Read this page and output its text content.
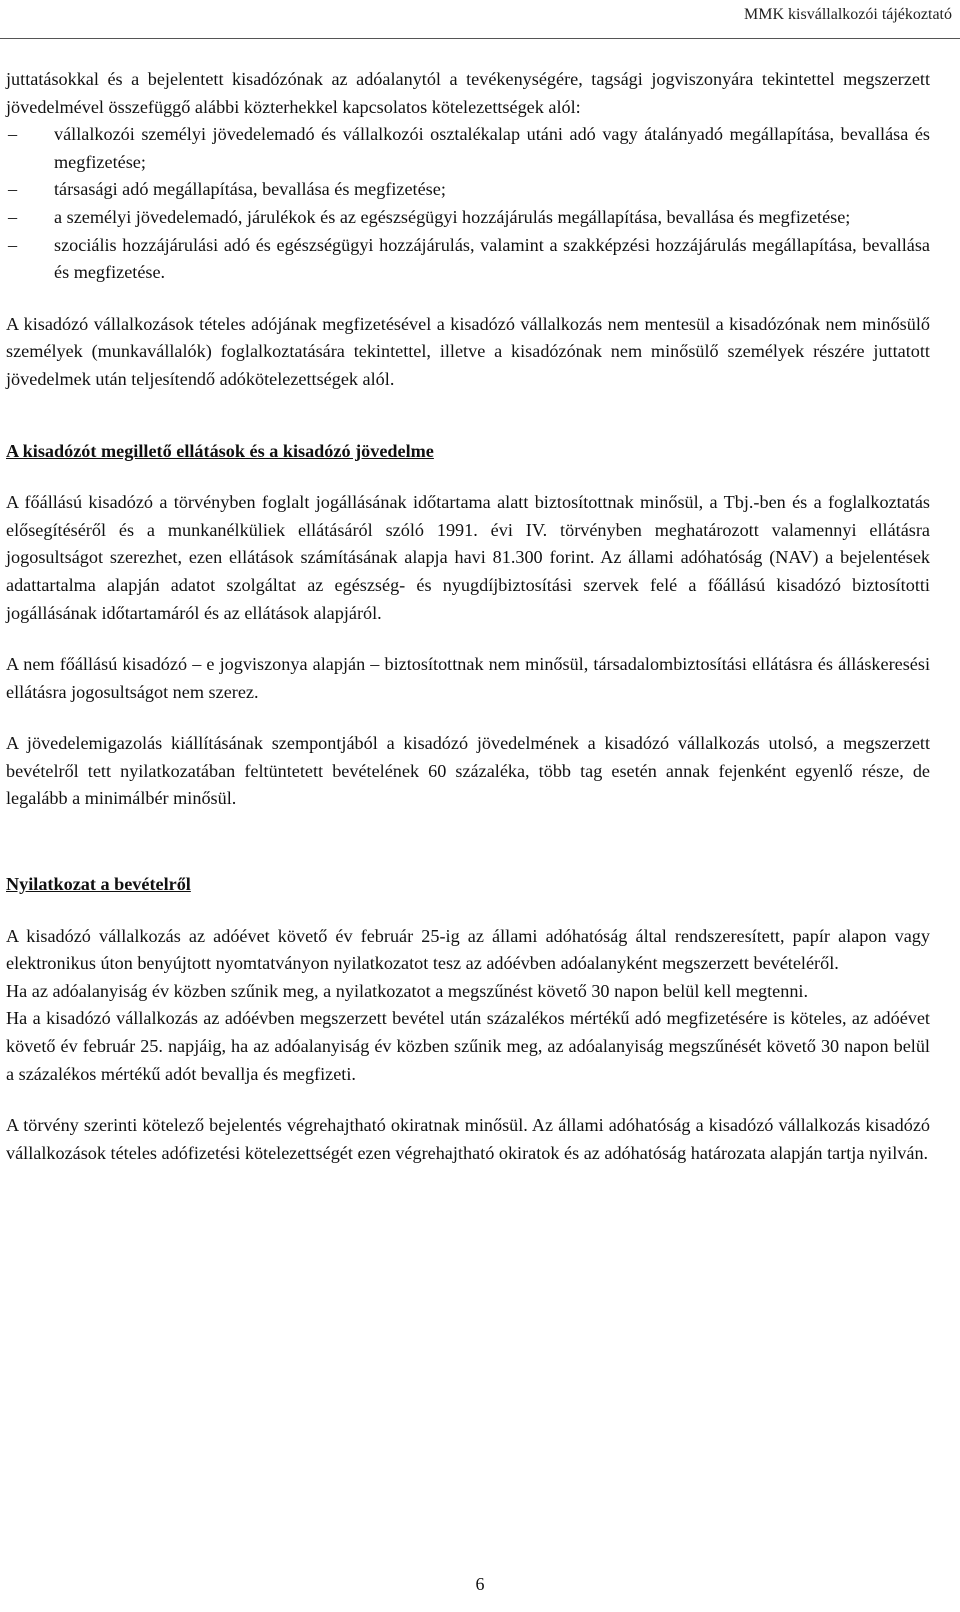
MMK kisvállalkozói tájékoztató

juttatásokkal és a bejelentett kisadózónak az adóalanytól a tevékenységére, tagsági jogviszonyára tekintettel megszerzett jövedelmével összefüggő alábbi közterhekkel kapcsolatos kötelezettségek alól:

–	vállalkozói személyi jövedelemadó és vállalkozói osztalékalap utáni adó vagy átalányadó megállapítása, bevallása és megfizetése;
–	társasági adó megállapítása, bevallása és megfizetése;
–	a személyi jövedelemadó, járulékok és az egészségügyi hozzájárulás megállapítása, bevallása és megfizetése;
–	szociális hozzájárulási adó és egészségügyi hozzájárulás, valamint a szakképzési hozzájárulás megállapítása, bevallása és megfizetése.

A kisadózó vállalkozások tételes adójának megfizetésével a kisadózó vállalkozás nem mentesül a kisadózónak nem minősülő személyek (munkavállalók) foglalkoztatására tekintettel, illetve a kisadózónak nem minősülő személyek részére juttatott jövedelmek után teljesítendő adókötelezettségek alól.

A kisadózót megillető ellátások és a kisadózó jövedelme

A főállású kisadózó a törvényben foglalt jogállásának időtartama alatt biztosítottnak minősül, a Tbj.-ben és a foglalkoztatás elősegítéséről és a munkanélküliek ellátásáról szóló 1991. évi IV. törvényben meghatározott valamennyi ellátásra jogosultságot szerezhet, ezen ellátások számításának alapja havi 81.300 forint. Az állami adóhatóság (NAV) a bejelentések adattartalma alapján adatot szolgáltat az egészség- és nyugdíjbiztosítási szervek felé a főállású kisadózó biztosítotti jogállásának időtartamáról és az ellátások alapjáról.

A nem főállású kisadózó – e jogviszonya alapján – biztosítottnak nem minősül, társadalombiztosítási ellátásra és álláskeresési ellátásra jogosultságot nem szerez.

A jövedelemigazolás kiállításának szempontjából a kisadózó jövedelmének a kisadózó vállalkozás utolsó, a megszerzett bevételről tett nyilatkozatában feltüntetett bevételének 60 százaléka, több tag esetén annak fejenként egyenlő része, de legalább a minimálbér minősül.

Nyilatkozat a bevételről

A kisadózó vállalkozás az adóévet követő év február 25-ig az állami adóhatóság által rendszeresített, papír alapon vagy elektronikus úton benyújtott nyomtatványon nyilatkozatot tesz az adóévben adóalanyként megszerzett bevételéről.

Ha az adóalanyiság év közben szűnik meg, a nyilatkozatot a megszűnést követő 30 napon belül kell megtenni.

Ha a kisadózó vállalkozás az adóévben megszerzett bevétel után százalékos mértékű adó megfizetésére is köteles, az adóévet követő év február 25. napjáig, ha az adóalanyiság év közben szűnik meg, az adóalanyiság megszűnését követő 30 napon belül a százalékos mértékű adót bevallja és megfizeti.

A törvény szerinti kötelező bejelentés végrehajtható okiratnak minősül. Az állami adóhatóság a kisadózó vállalkozás kisadózó vállalkozások tételes adófizetési kötelezettségét ezen végrehajtható okiratok és az adóhatóság határozata alapján tartja nyilván.

6
